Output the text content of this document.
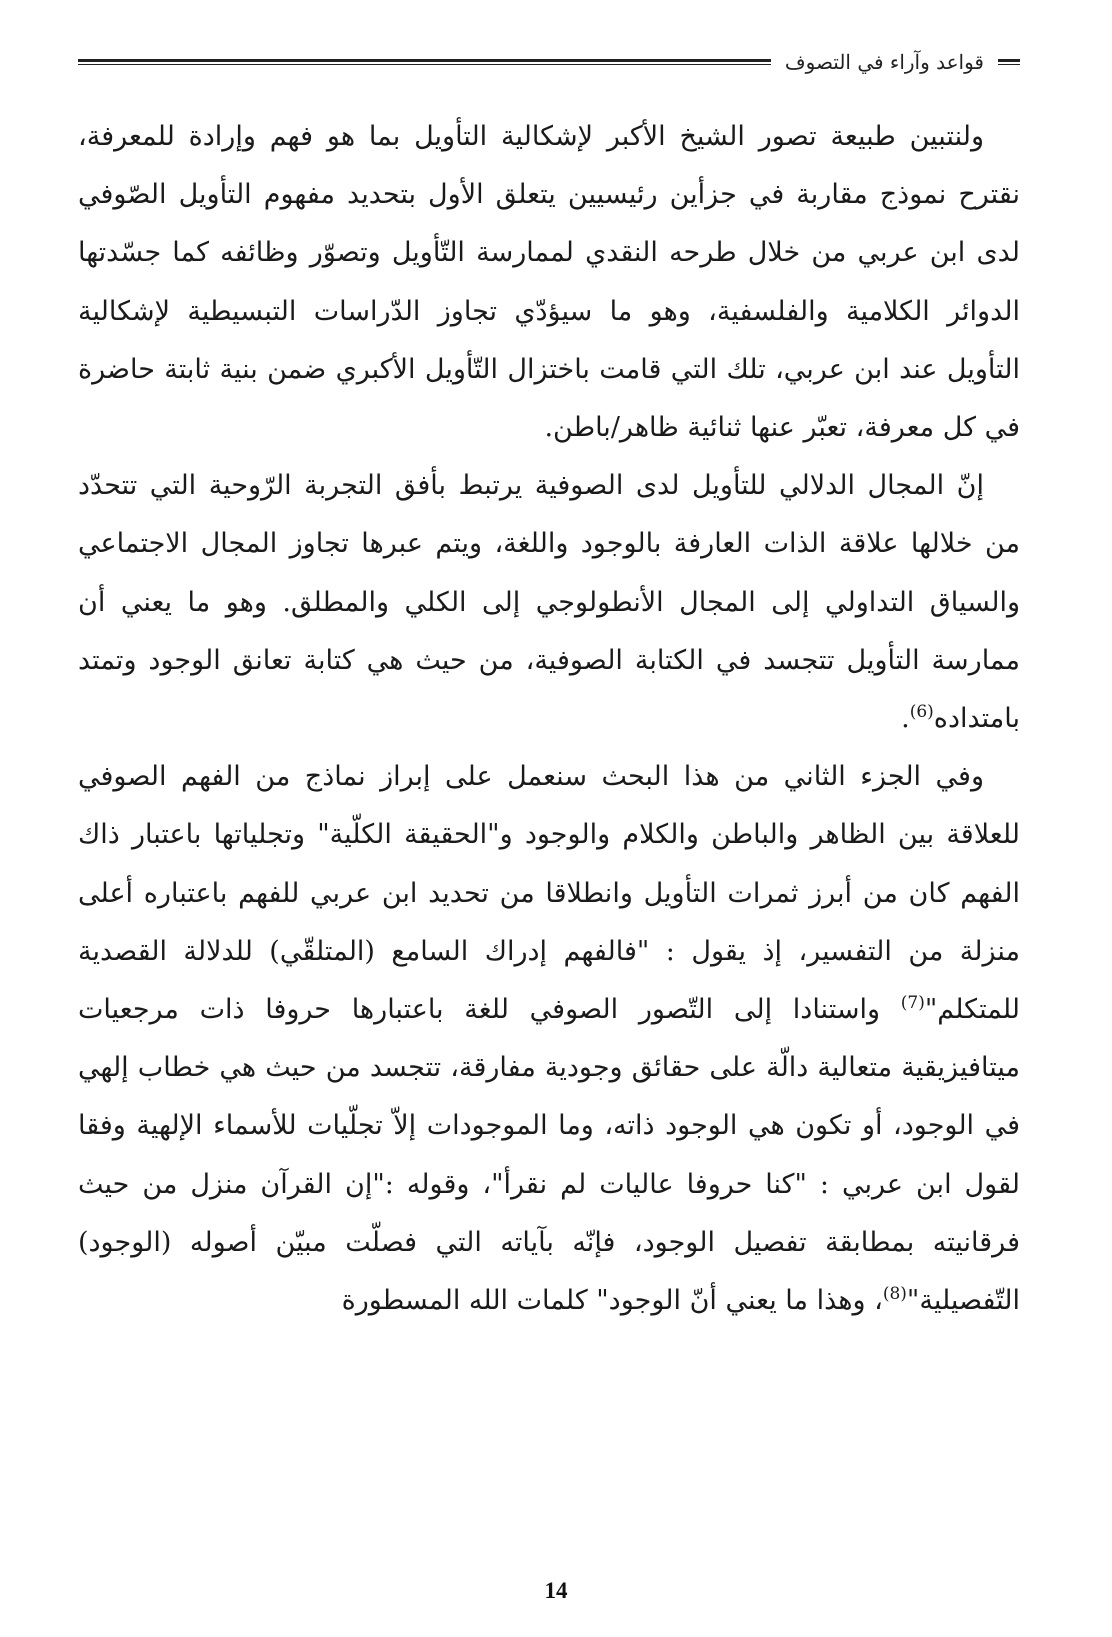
قواعد وآراء في التصوف

ولنتبين طبيعة تصور الشيخ الأكبر لإشكالية التأويل بما هو فهم وإرادة للمعرفة، نقترح نموذج مقاربة في جزأين رئيسيين يتعلق الأول بتحديد مفهوم التأويل الصّوفي لدى ابن عربي من خلال طرحه النقدي لممارسة التّأويل وتصوّر وظائفه كما جسّدتها الدوائر الكلامية والفلسفية، وهو ما سيؤدّي تجاوز الدّراسات التبسيطية لإشكالية التأويل عند ابن عربي، تلك التي قامت باختزال التّأويل الأكبري ضمن بنية ثابتة حاضرة في كل معرفة، تعبّر عنها ثنائية ظاهر/باطن.

إنّ المجال الدلالي للتأويل لدى الصوفية يرتبط بأفق التجربة الرّوحية التي تتحدّد من خلالها علاقة الذات العارفة بالوجود واللغة، ويتم عبرها تجاوز المجال الاجتماعي والسياق التداولي إلى المجال الأنطولوجي إلى الكلي والمطلق. وهو ما يعني أن ممارسة التأويل تتجسد في الكتابة الصوفية، من حيث هي كتابة تعانق الوجود وتمتد بامتداده$^{(6)}$.

وفي الجزء الثاني من هذا البحث سنعمل على إبراز نماذج من الفهم الصوفي للعلاقة بين الظاهر والباطن والكلام والوجود و"الحقيقة الكلّية" وتجلياتها باعتبار ذاك الفهم كان من أبرز ثمرات التأويل وانطلاقا من تحديد ابن عربي للفهم باعتباره أعلى منزلة من التفسير، إذ يقول : "فالفهم إدراك السامع (المتلقّي) للدلالة القصدية للمتكلم"$^{(7)}$ واستنادا إلى التّصور الصوفي للغة باعتبارها حروفا ذات مرجعيات ميتافيزيقية متعالية دالّة على حقائق وجودية مفارقة، تتجسد من حيث هي خطاب إلهي في الوجود، أو تكون هي الوجود ذاته، وما الموجودات إلاّ تجلّيات للأسماء الإلهية وفقا لقول ابن عربي : "كنا حروفا عاليات لم نقرأ"، وقوله :"إن القرآن منزل من حيث فرقانيته بمطابقة تفصيل الوجود، فإنّه بآياته التي فصلّت مبيّن أصوله (الوجود) التّفصيلية"$^{(8)}$، وهذا ما يعني أنّ الوجود" كلمات الله المسطورة

14
